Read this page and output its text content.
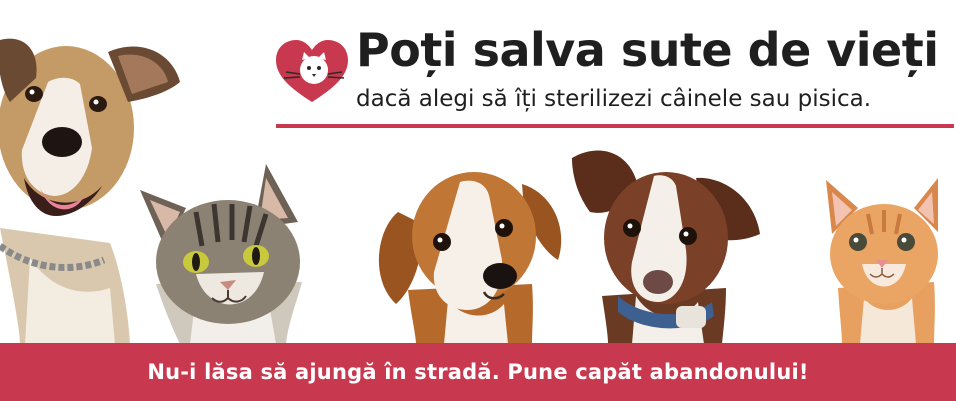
Poți salva sute de vieți
dacă alegi să îți sterilizezi câinele sau pisica.
Nu-i lăsa să ajungă în stradă. Pune capăt abandonului!
